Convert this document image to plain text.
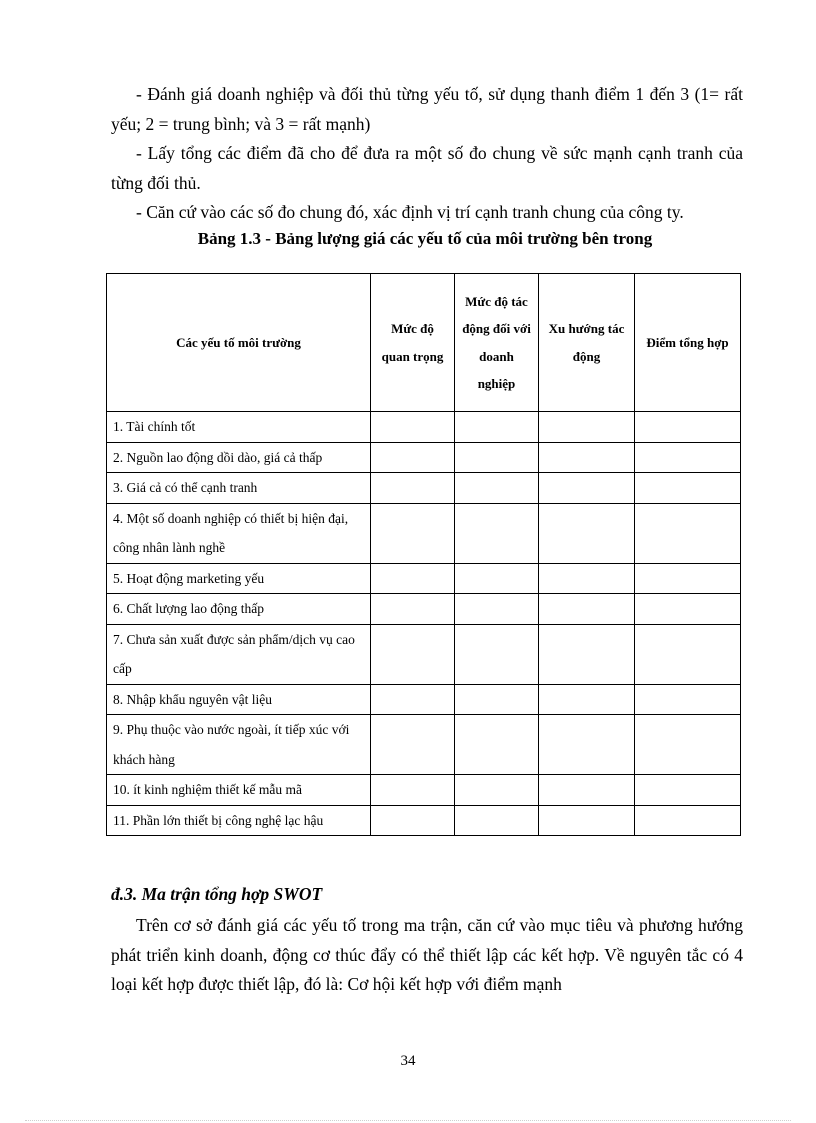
- Đánh giá doanh nghiệp và đối thủ từng yếu tố, sử dụng thanh điểm 1 đến 3 (1= rất yếu; 2 = trung bình; và 3 = rất mạnh)

- Lấy tổng các điểm đã cho để đưa ra một số đo chung về sức mạnh cạnh tranh của từng đối thủ.

- Căn cứ vào các số đo chung đó, xác định vị trí cạnh tranh chung của công ty.

Bảng 1.3 - Bảng lượng giá các yếu tố của môi trường bên trong

Các yếu tố môi trường	Mức độ quan trọng	Mức độ tác động đối với doanh nghiệp	Xu hướng tác động	Điểm tổng hợp
1. Tài chính tốt				
2. Nguồn lao động dồi dào, giá cả thấp				
3. Giá cả có thể cạnh tranh				
4. Một số doanh nghiệp có thiết bị hiện đại, công nhân lành nghề				
5. Hoạt động marketing yếu				
6. Chất lượng lao động thấp				
7. Chưa sản xuất được sản phẩm/dịch vụ cao cấp				
8. Nhập khẩu nguyên vật liệu				
9. Phụ thuộc vào nước ngoài, ít tiếp xúc với khách hàng				
10. ít kinh nghiệm thiết kế mẫu mã				
11. Phần lớn thiết bị công nghệ lạc hậu				

đ.3. Ma trận tổng hợp SWOT

Trên cơ sở đánh giá các yếu tố trong ma trận, căn cứ vào mục tiêu và phương hướng phát triển kinh doanh, động cơ thúc đẩy có thể thiết lập các kết hợp. Về nguyên tắc có 4 loại kết hợp được thiết lập, đó là: Cơ hội kết hợp với điểm mạnh

34
